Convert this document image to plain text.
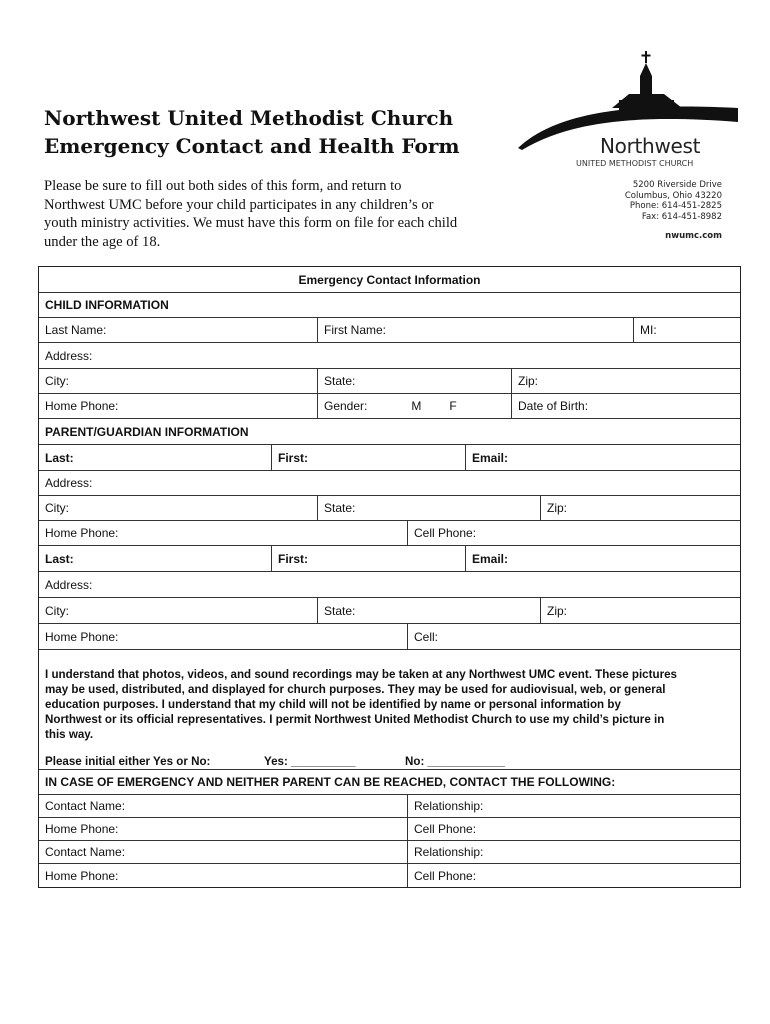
Northwest United Methodist Church
Emergency Contact and Health Form
Please be sure to fill out both sides of this form, and return to
Northwest UMC before your child participates in any children’s or
youth ministry activities. We must have this form on file for each child
under the age of 18.
Northwest
UNITED METHODIST CHURCH
5200 Riverside Drive
Columbus, Ohio 43220
Phone: 614-451-2825
Fax: 614-451-8982
nwumc.com
Emergency Contact Information
CHILD INFORMATION
Last Name:	First Name:	MI:
Address:
City:	State:	Zip:
Home Phone:	Gender:	M F	Date of Birth:
PARENT/GUARDIAN INFORMATION
Last:	First:	Email:
Address:
City:	State:	Zip:
Home Phone:	Cell Phone:
Last:	First:	Email:
Address:
City:	State:	Zip:
Home Phone:	Cell:
I understand that photos, videos, and sound recordings may be taken at any Northwest UMC event. These pictures
may be used, distributed, and displayed for church purposes. They may be used for audiovisual, web, or general
education purposes. I understand that my child will not be identified by name or personal information by
Northwest or its official representatives. I permit Northwest United Methodist Church to use my child’s picture in
this way.
Please initial either Yes or No:	Yes: __________	No: ____________
IN CASE OF EMERGENCY AND NEITHER PARENT CAN BE REACHED, CONTACT THE FOLLOWING:
Contact Name:	Relationship:
Home Phone:	Cell Phone:
Contact Name:	Relationship:
Home Phone:	Cell Phone:
